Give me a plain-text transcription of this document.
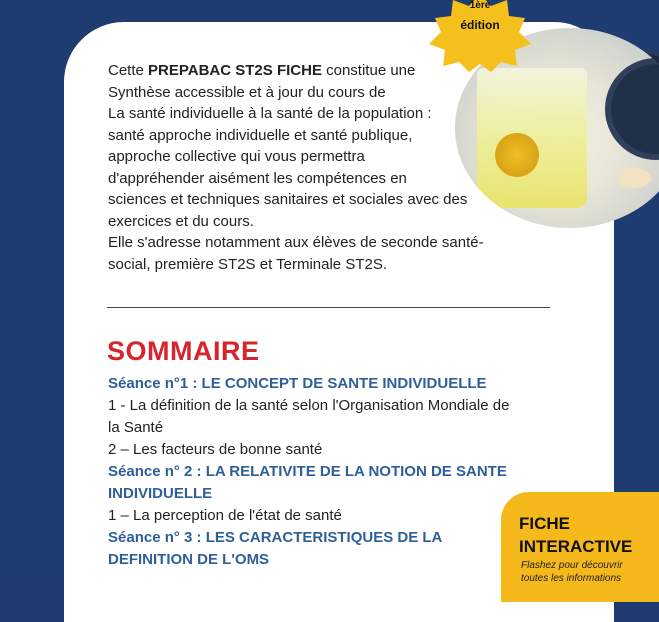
1ère
édition

Cette PREPABAC ST2S FICHE constitue une

Synthèse accessible et à jour du cours de

La santé individuelle à la santé de la population :

santé approche individuelle et santé publique,

approche collective qui vous permettra

d'appréhender aisément les compétences en

sciences et techniques sanitaires et sociales avec des

exercices et du cours.

Elle s'adresse notamment aux élèves de seconde santé-

social, première ST2S et Terminale ST2S.

SOMMAIRE
Séance n°1 : LE CONCEPT DE SANTE INDIVIDUELLE
1 - La définition de la santé selon l'Organisation Mondiale de
la Santé
2 – Les facteurs de bonne santé
Séance n° 2 : LA RELATIVITE DE LA NOTION DE SANTE
INDIVIDUELLE
1 – La perception de l'état de santé
Séance n° 3 : LES CARACTERISTIQUES DE LA
DEFINITION DE L'OMS
FICHE
INTERACTIVE
Flashez pour découvrir
toutes les informations
